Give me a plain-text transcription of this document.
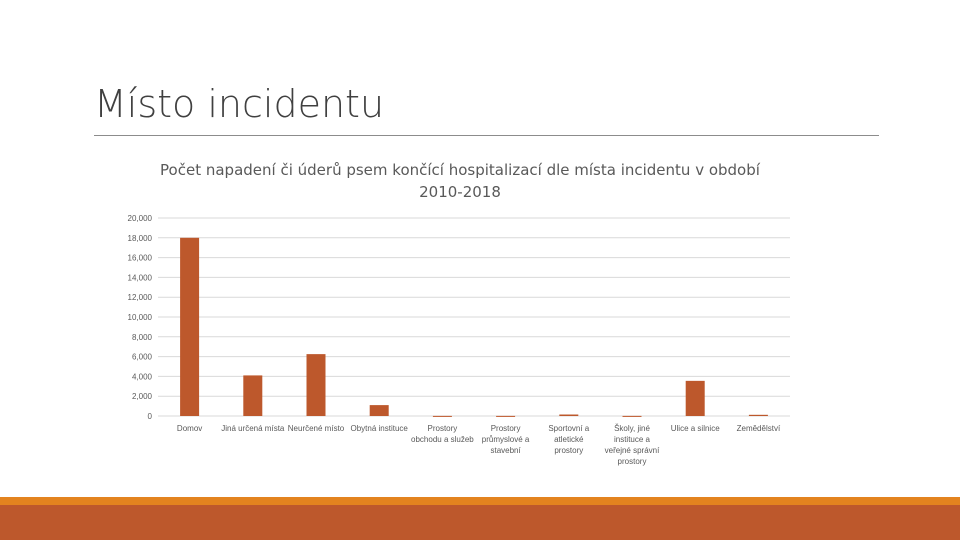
Místo incidentu
Počet napadení či úderů psem končící hospitalizací dle místa incidentu v období 2010-2018
0
2,000
4,000
6,000
8,000
10,000
12,000
14,000
16,000
18,000
20,000
Domov Jiná určená místa Neurčené místo Obytná instituce Prostory
obchodu a služeb
Prostory
průmyslové a
stavební
Sportovní a
atletické
prostory
Školy, jiné
instituce a
veřejné správní
prostory
Ulice a silnice Zemědělství
